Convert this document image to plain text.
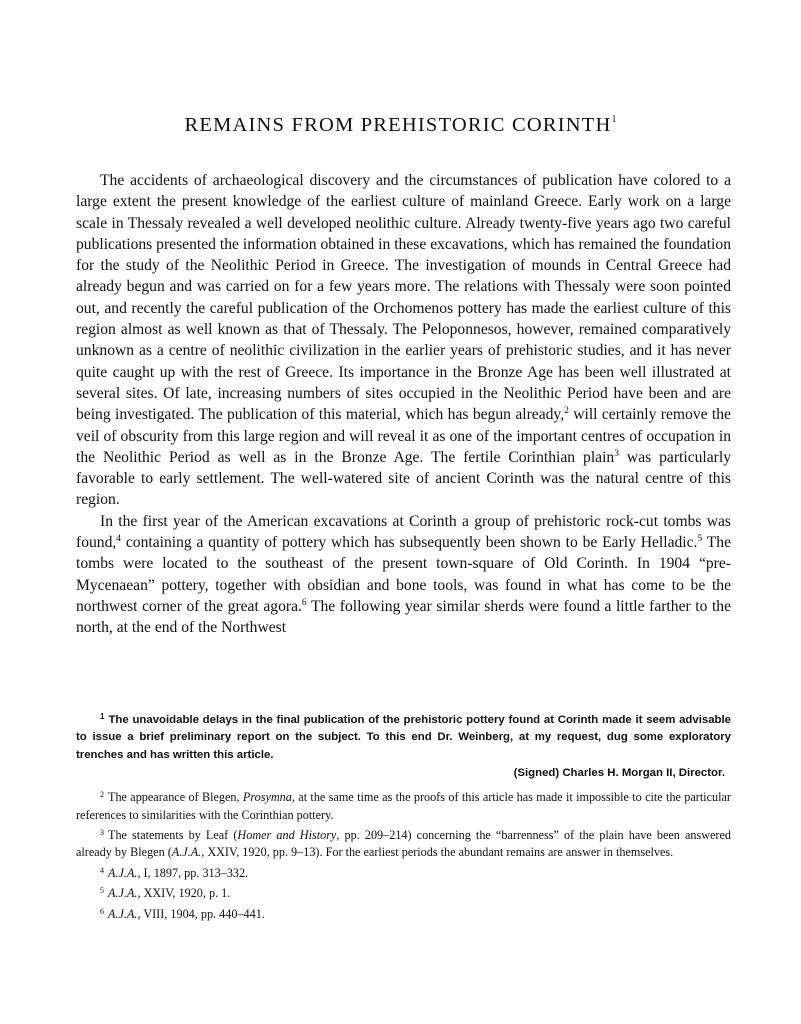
REMAINS FROM PREHISTORIC CORINTH$^1$

The accidents of archaeological discovery and the circumstances of publication have colored to a large extent the present knowledge of the earliest culture of mainland Greece. Early work on a large scale in Thessaly revealed a well developed neolithic culture. Already twenty-five years ago two careful publications presented the information obtained in these excavations, which has remained the foundation for the study of the Neolithic Period in Greece. The investigation of mounds in Central Greece had already begun and was carried on for a few years more. The relations with Thessaly were soon pointed out, and recently the careful publication of the Orchomenos pottery has made the earliest culture of this region almost as well known as that of Thessaly. The Peloponnesos, however, remained comparatively unknown as a centre of neolithic civilization in the earlier years of prehistoric studies, and it has never quite caught up with the rest of Greece. Its importance in the Bronze Age has been well illustrated at several sites. Of late, increasing numbers of sites occupied in the Neolithic Period have been and are being investigated. The publication of this material, which has begun already,$^2$ will certainly remove the veil of obscurity from this large region and will reveal it as one of the important centres of occupation in the Neolithic Period as well as in the Bronze Age. The fertile Corinthian plain$^3$ was particularly favorable to early settlement. The well-watered site of ancient Corinth was the natural centre of this region.

In the first year of the American excavations at Corinth a group of prehistoric rock-cut tombs was found,$^4$ containing a quantity of pottery which has subsequently been shown to be Early Helladic.$^5$ The tombs were located to the southeast of the present town-square of Old Corinth. In 1904 “pre-Mycenaean” pottery, together with obsidian and bone tools, was found in what has come to be the northwest corner of the great agora.$^6$ The following year similar sherds were found a little farther to the north, at the end of the Northwest

$^1$ The unavoidable delays in the final publication of the prehistoric pottery found at Corinth made it seem advisable to issue a brief preliminary report on the subject. To this end Dr. Weinberg, at my request, dug some exploratory trenches and has written this article.

(Signed) Charles H. Morgan II, Director.

$^2$ The appearance of Blegen, Prosymna, at the same time as the proofs of this article has made it impossible to cite the particular references to similarities with the Corinthian pottery.

$^3$ The statements by Leaf (Homer and History, pp. 209–214) concerning the “barrenness” of the plain have been answered already by Blegen (A.J.A., XXIV, 1920, pp. 9–13). For the earliest periods the abundant remains are answer in themselves.

$^4$ A.J.A., I, 1897, pp. 313–332.

$^5$ A.J.A., XXIV, 1920, p. 1.

$^6$ A.J.A., VIII, 1904, pp. 440–441.
